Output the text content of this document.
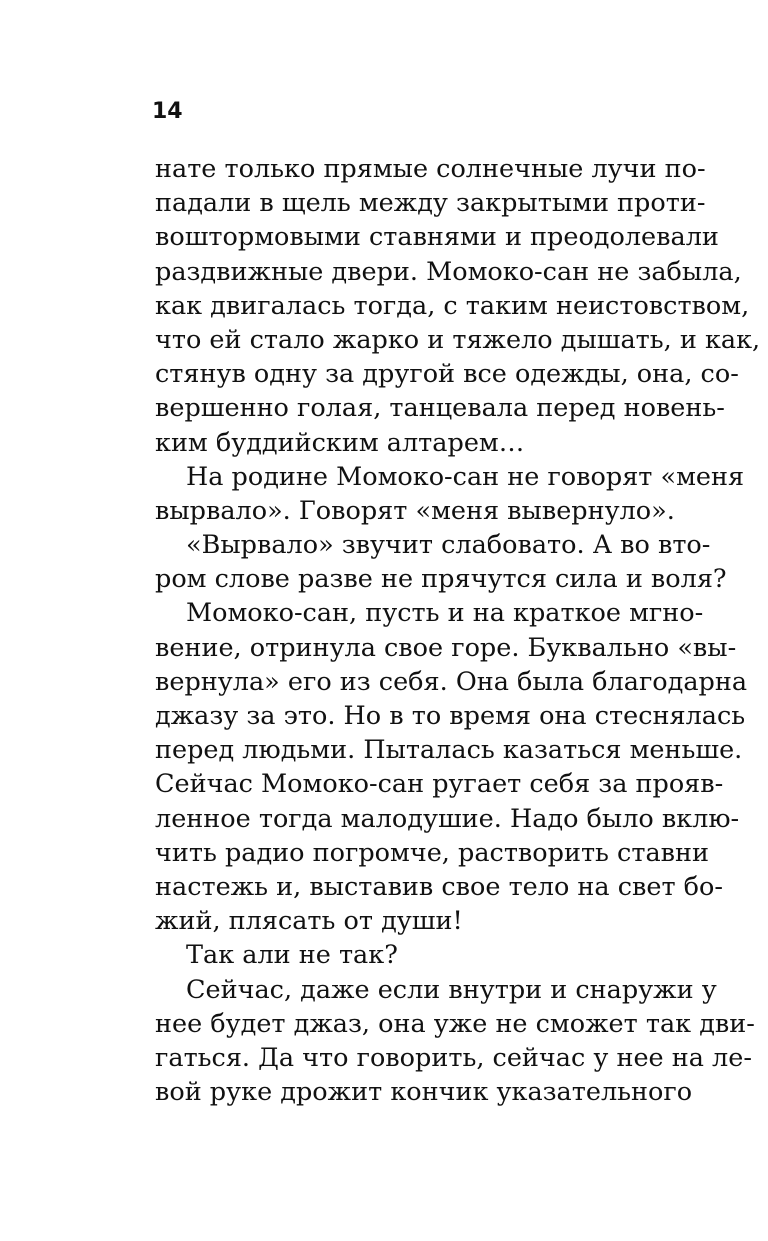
14

нате только прямые солнечные лучи по-
падали в щель между закрытыми проти-
воштормовыми ставнями и преодолевали
раздвижные двери. Момоко-сан не забыла,
как двигалась тогда, с таким неистовством,
что ей стало жарко и тяжело дышать, и как,
стянув одну за другой все одежды, она, со-
вершенно голая, танцевала перед новень-
ким буддийским алтарем…
На родине Момоко-сан не говорят «меня
вырвало». Говорят «меня вывернуло».
«Вырвало» звучит слабовато. А во вто-
ром слове разве не прячутся сила и воля?
Момоко-сан, пусть и на краткое мгно-
вение, отринула свое горе. Буквально «вы-
вернула» его из себя. Она была благодарна
джазу за это. Но в то время она стеснялась
перед людьми. Пыталась казаться меньше.
Сейчас Момоко-сан ругает себя за прояв-
ленное тогда малодушие. Надо было вклю-
чить радио погромче, растворить ставни
настежь и, выставив свое тело на свет бо-
жий, плясать от души!
Так али не так?
Сейчас, даже если внутри и снаружи у
нее будет джаз, она уже не сможет так дви-
гаться. Да что говорить, сейчас у нее на ле-
вой руке дрожит кончик указательного
